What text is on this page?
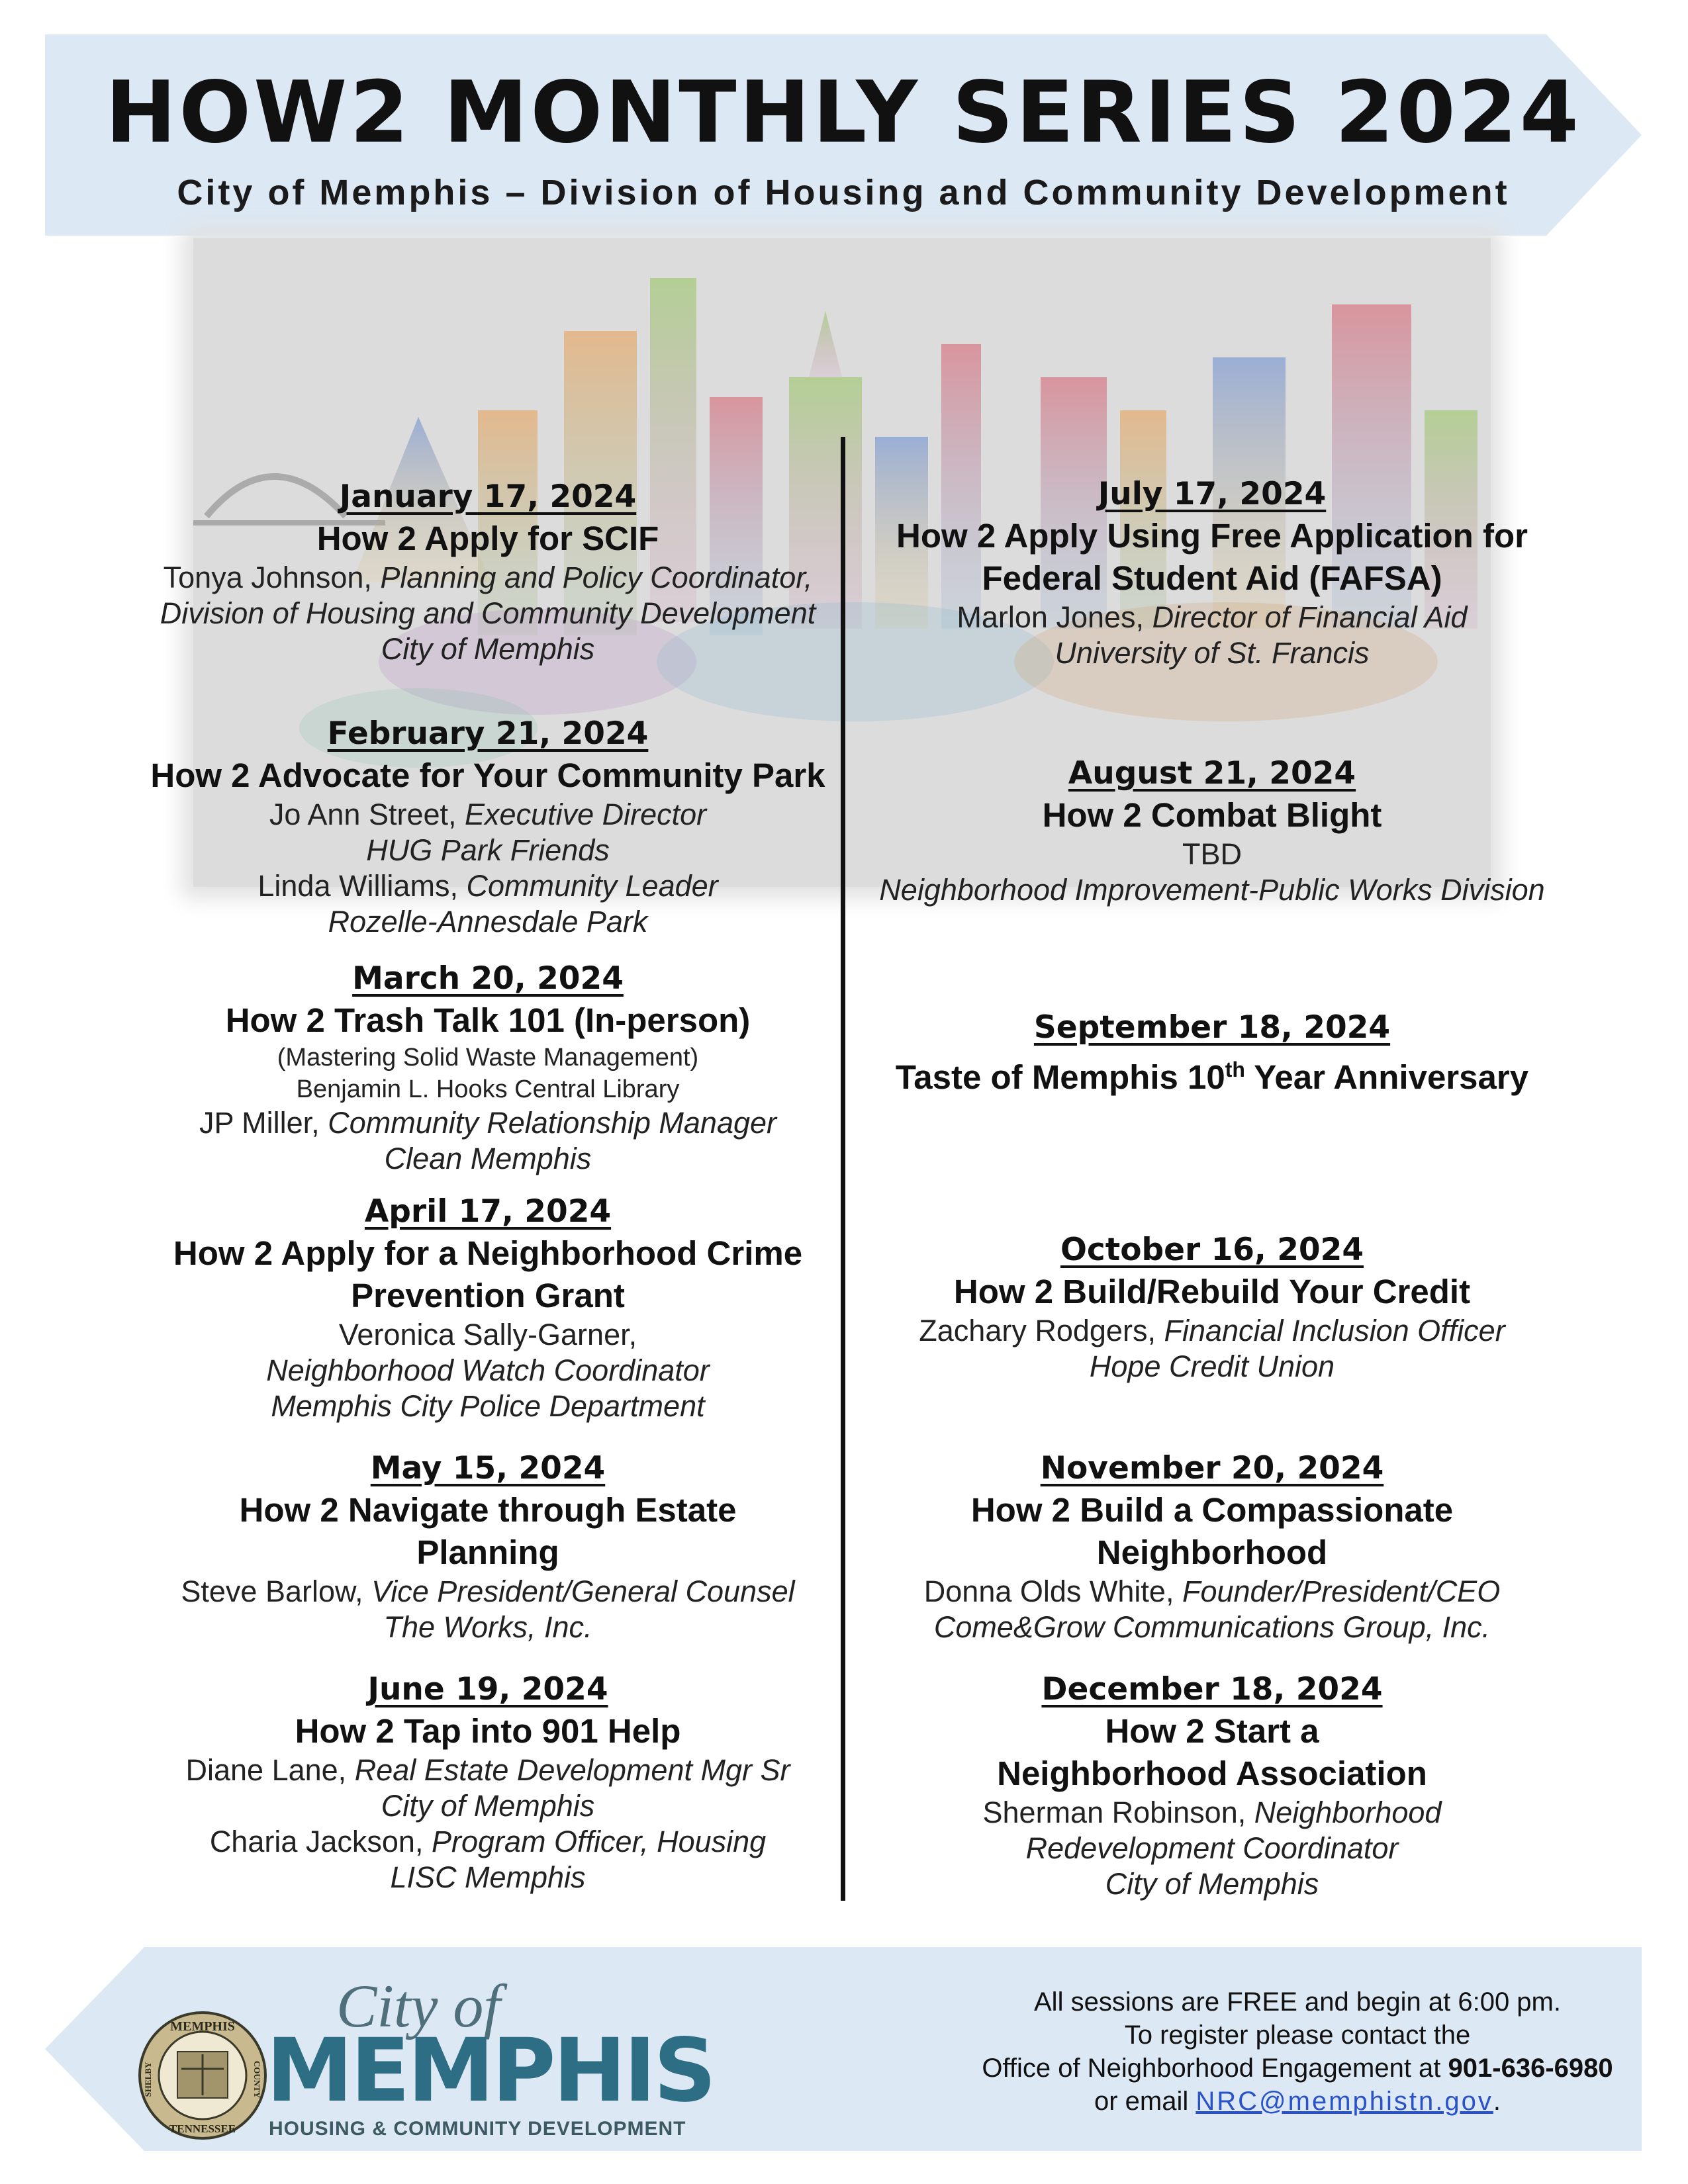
HOW2 MONTHLY SERIES 2024
City of Memphis – Division of Housing and Community Development
January 17, 2024
How 2 Apply for SCIF
Tonya Johnson, Planning and Policy Coordinator,
Division of Housing and Community Development
City of Memphis
February 21, 2024
How 2 Advocate for Your Community Park
Jo Ann Street, Executive Director
HUG Park Friends
Linda Williams, Community Leader
Rozelle-Annesdale Park
March 20, 2024
How 2 Trash Talk 101 (In-person)
(Mastering Solid Waste Management)
Benjamin L. Hooks Central Library
JP Miller, Community Relationship Manager
Clean Memphis
April 17, 2024
How 2 Apply for a Neighborhood Crime Prevention Grant
Veronica Sally-Garner,
Neighborhood Watch Coordinator
Memphis City Police Department
May 15, 2024
How 2 Navigate through Estate Planning
Steve Barlow, Vice President/General Counsel
The Works, Inc.
June 19, 2024
How 2 Tap into 901 Help
Diane Lane, Real Estate Development Mgr Sr
City of Memphis
Charia Jackson, Program Officer, Housing
LISC Memphis
July 17, 2024
How 2 Apply Using Free Application for Federal Student Aid (FAFSA)
Marlon Jones, Director of Financial Aid
University of St. Francis
August 21, 2024
How 2 Combat Blight
TBD
Neighborhood Improvement-Public Works Division
September 18, 2024
Taste of Memphis 10th Year Anniversary
October 16, 2024
How 2 Build/Rebuild Your Credit
Zachary Rodgers, Financial Inclusion Officer
Hope Credit Union
November 20, 2024
How 2 Build a Compassionate Neighborhood
Donna Olds White, Founder/President/CEO
Come&Grow Communications Group, Inc.
December 18, 2024
How 2 Start a Neighborhood Association
Sherman Robinson, Neighborhood
Redevelopment Coordinator
City of Memphis
MEMPHIS
TENNESSEE
SHELBY	COUNTY
City of
MEMPHIS
HOUSING & COMMUNITY DEVELOPMENT
All sessions are FREE and begin at 6:00 pm.
To register please contact the
Office of Neighborhood Engagement at 901-636-6980
or email NRC@memphistn.gov.
